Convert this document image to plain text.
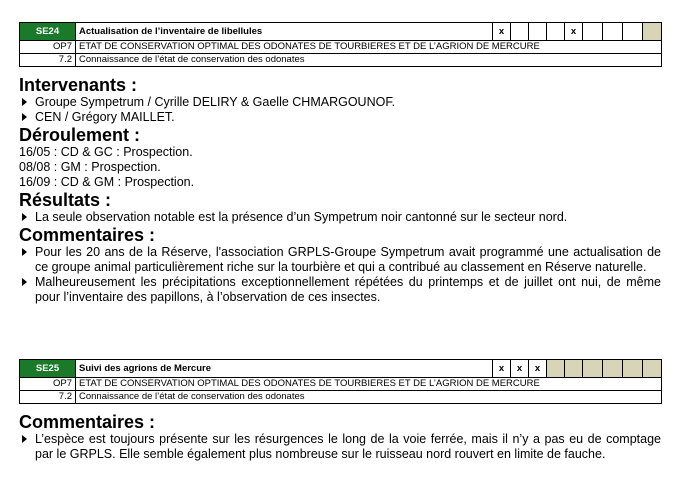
SE24	Actualisation de l’inventaire de libellules	x				x				
OP7	ETAT DE CONSERVATION OPTIMAL DES ODONATES DE TOURBIERES ET DE L’AGRION DE MERCURE									
7.2	Connaissance de l’état de conservation des odonates									
Intervenants :
Groupe Sympetrum / Cyrille DELIRY & Gaelle CHMARGOUNOF.
CEN / Grégory MAILLET.
Déroulement :
16/05 : CD & GC : Prospection.
08/08 : GM : Prospection.
16/09 : CD & GM : Prospection.
Résultats :
La seule observation notable est la présence d’un Sympetrum noir cantonné sur le secteur nord.
Commentaires :
Pour les 20 ans de la Réserve, l'association GRPLS-Groupe Sympetrum avait programmé une actualisation de ce groupe animal particulièrement riche sur la tourbière et qui a contribué au classement en Réserve naturelle.
Malheureusement les précipitations exceptionnellement répétées du printemps et de juillet ont nui, de même pour l’inventaire des papillons, à l’observation de ces insectes.
SE25	Suivi des agrions de Mercure	x	x	x						
OP7	ETAT DE CONSERVATION OPTIMAL DES ODONATES DE TOURBIERES ET DE L’AGRION DE MERCURE									
7.2	Connaissance de l’état de conservation des odonates									
Commentaires :
L’espèce est toujours présente sur les résurgences le long de la voie ferrée, mais il n’y a pas eu de comptage par le GRPLS. Elle semble également plus nombreuse sur le ruisseau nord rouvert en limite de fauche.
